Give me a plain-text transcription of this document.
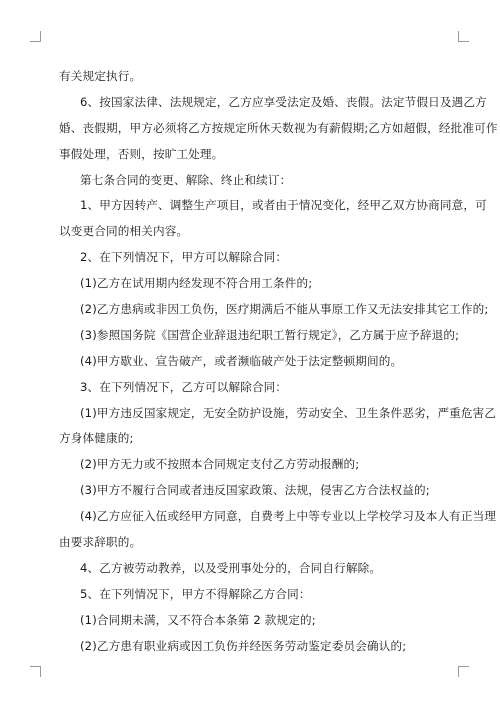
有关规定执行。
6、按国家法律、法规规定，乙方应享受法定及婚、丧假。法定节假日及遇乙方
婚、丧假期，甲方必须将乙方按规定所休天数视为有薪假期;乙方如超假，经批准可作
事假处理，否则，按旷工处理。
第七条合同的变更、解除、终止和续订：
1、甲方因转产、调整生产项目，或者由于情况变化，经甲乙双方协商同意，可
以变更合同的相关内容。
2、在下列情况下，甲方可以解除合同：
(1)乙方在试用期内经发现不符合用工条件的;
(2)乙方患病或非因工负伤，医疗期满后不能从事原工作又无法安排其它工作的;
(3)参照国务院《国营企业辞退违纪职工暂行规定》，乙方属于应予辞退的;
(4)甲方歇业、宣告破产，或者濒临破产处于法定整顿期间的。
3、在下列情况下，乙方可以解除合同：
(1)甲方违反国家规定，无安全防护设施，劳动安全、卫生条件恶劣，严重危害乙
方身体健康的;
(2)甲方无力或不按照本合同规定支付乙方劳动报酬的;
(3)甲方不履行合同或者违反国家政策、法规，侵害乙方合法权益的;
(4)乙方应征入伍或经甲方同意，自费考上中等专业以上学校学习及本人有正当理
由要求辞职的。
4、乙方被劳动教养，以及受刑事处分的，合同自行解除。
5、在下列情况下，甲方不得解除乙方合同：
(1)合同期未满，又不符合本条第 2 款规定的;
(2)乙方患有职业病或因工负伤并经医务劳动鉴定委员会确认的;
